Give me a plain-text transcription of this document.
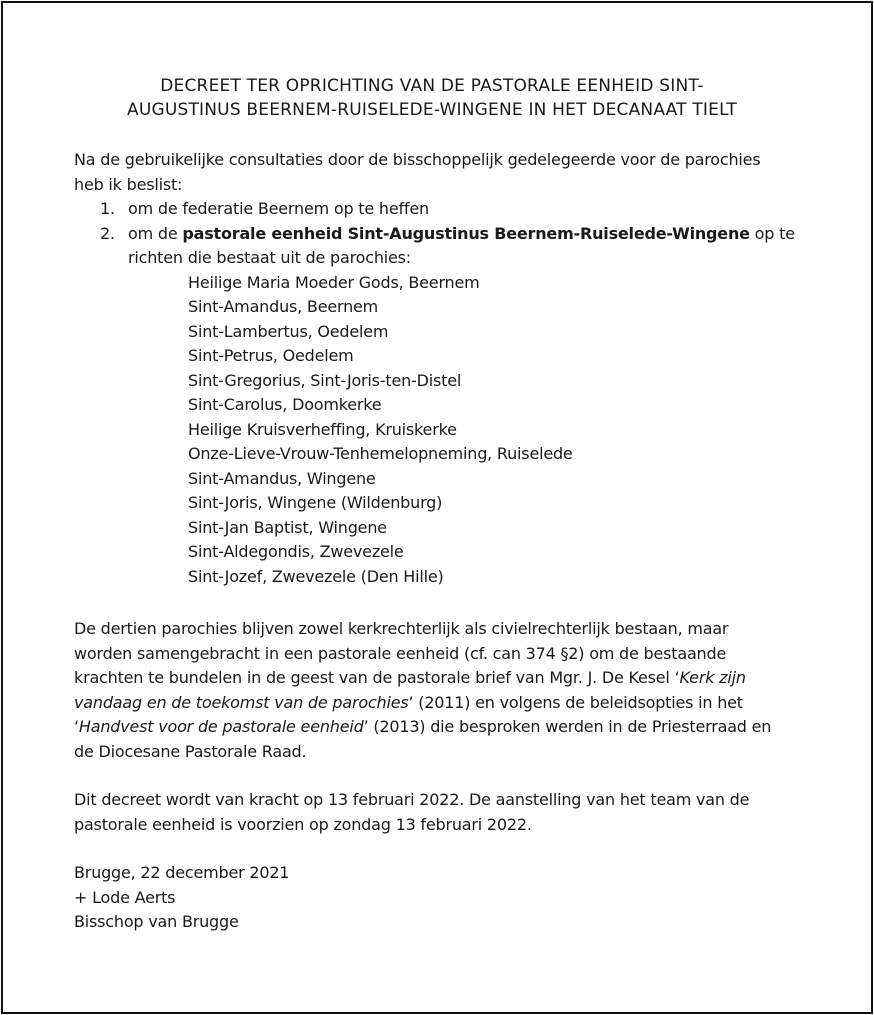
DECREET TER OPRICHTING VAN DE PASTORALE EENHEID SINT-
AUGUSTINUS BEERNEM-RUISELEDE-WINGENE IN HET DECANAAT TIELT

Na de gebruikelijke consultaties door de bisschoppelijk gedelegeerde voor de parochies
heb ik beslist:

1. om de federatie Beernem op te heffen
2. om de pastorale eenheid Sint-Augustinus Beernem-Ruiselede-Wingene op te
richten die bestaat uit de parochies:
Heilige Maria Moeder Gods, Beernem
Sint-Amandus, Beernem
Sint-Lambertus, Oedelem
Sint-Petrus, Oedelem
Sint-Gregorius, Sint-Joris-ten-Distel
Sint-Carolus, Doomkerke
Heilige Kruisverheffing, Kruiskerke
Onze-Lieve-Vrouw-Tenhemelopneming, Ruiselede
Sint-Amandus, Wingene
Sint-Joris, Wingene (Wildenburg)
Sint-Jan Baptist, Wingene
Sint-Aldegondis, Zwevezele
Sint-Jozef, Zwevezele (Den Hille)

De dertien parochies blijven zowel kerkrechterlijk als civielrechterlijk bestaan, maar
worden samengebracht in een pastorale eenheid (cf. can 374 §2) om de bestaande
krachten te bundelen in de geest van de pastorale brief van Mgr. J. De Kesel ‘Kerk zijn
vandaag en de toekomst van de parochies’ (2011) en volgens de beleidsopties in het
‘Handvest voor de pastorale eenheid’ (2013) die besproken werden in de Priesterraad en
de Diocesane Pastorale Raad.

Dit decreet wordt van kracht op 13 februari 2022. De aanstelling van het team van de
pastorale eenheid is voorzien op zondag 13 februari 2022.

Brugge, 22 december 2021
+ Lode Aerts
Bisschop van Brugge
